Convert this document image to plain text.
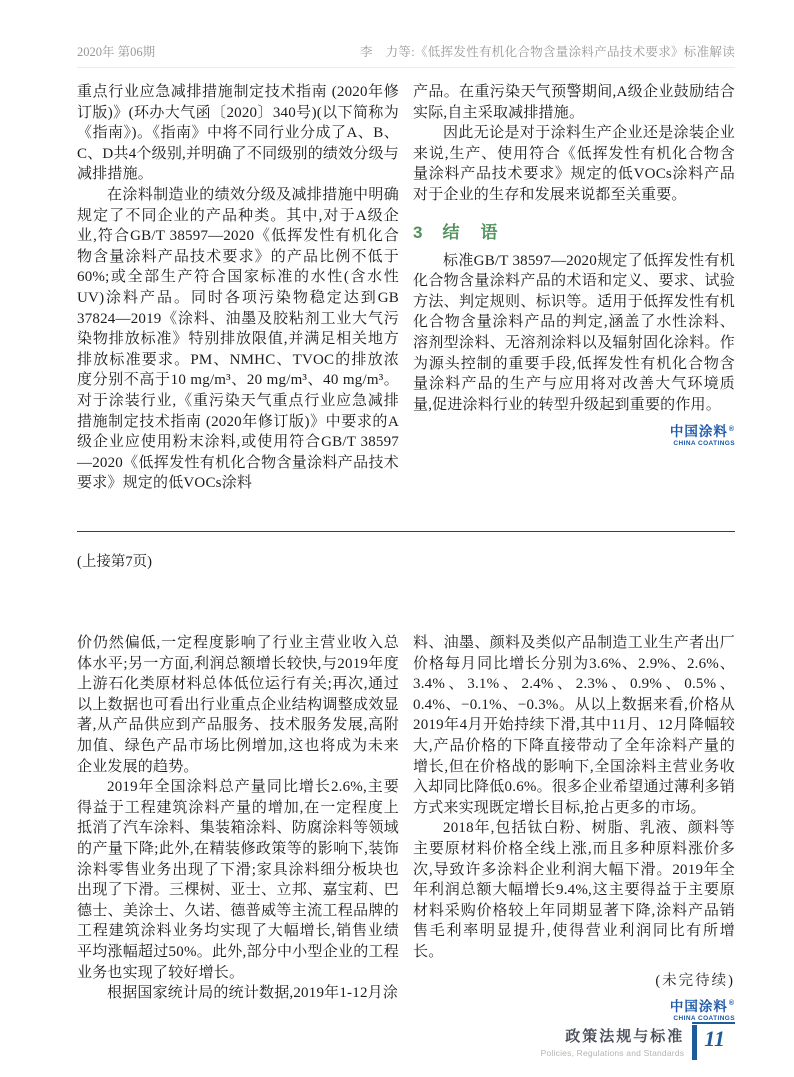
2020年 第06期	李　力等:《低挥发性有机化合物含量涂料产品技术要求》标准解读

重点行业应急减排措施制定技术指南 (2020年修订版)》(环办大气函〔2020〕340号)(以下简称为《指南》)。《指南》中将不同行业分成了A、B、C、D共4个级别,并明确了不同级别的绩效分级与减排措施。

在涂料制造业的绩效分级及减排措施中明确规定了不同企业的产品种类。其中,对于A级企业,符合GB/T 38597—2020《低挥发性有机化合物含量涂料产品技术要求》的产品比例不低于60%;或全部生产符合国家标准的水性(含水性UV)涂料产品。同时各项污染物稳定达到GB 37824—2019《涂料、油墨及胶粘剂工业大气污染物排放标准》特别排放限值,并满足相关地方排放标准要求。PM、NMHC、TVOC的排放浓度分别不高于10 mg/m³、20 mg/m³、40 mg/m³。对于涂装行业,《重污染天气重点行业应急减排措施制定技术指南 (2020年修订版)》中要求的A级企业应使用粉末涂料,或使用符合GB/T 38597—2020《低挥发性有机化合物含量涂料产品技术要求》规定的低VOCs涂料

产品。在重污染天气预警期间,A级企业鼓励结合实际,自主采取减排措施。

因此无论是对于涂料生产企业还是涂装企业来说,生产、使用符合《低挥发性有机化合物含量涂料产品技术要求》规定的低VOCs涂料产品对于企业的生存和发展来说都至关重要。

3 结　语

标准GB/T 38597—2020规定了低挥发性有机化合物含量涂料产品的术语和定义、要求、试验方法、判定规则、标识等。适用于低挥发性有机化合物含量涂料产品的判定,涵盖了水性涂料、溶剂型涂料、无溶剂涂料以及辐射固化涂料。作为源头控制的重要手段,低挥发性有机化合物含量涂料产品的生产与应用将对改善大气环境质量,促进涂料行业的转型升级起到重要的作用。

中国涂料®
CHINA COATINGS
(上接第7页)

价仍然偏低,一定程度影响了行业主营业收入总体水平;另一方面,利润总额增长较快,与2019年度上游石化类原材料总体低位运行有关;再次,通过以上数据也可看出行业重点企业结构调整成效显著,从产品供应到产品服务、技术服务发展,高附加值、绿色产品市场比例增加,这也将成为未来企业发展的趋势。

2019年全国涂料总产量同比增长2.6%,主要得益于工程建筑涂料产量的增加,在一定程度上抵消了汽车涂料、集装箱涂料、防腐涂料等领域的产量下降;此外,在精装修政策等的影响下,装饰涂料零售业务出现了下滑;家具涂料细分板块也出现了下滑。三棵树、亚士、立邦、嘉宝莉、巴德士、美涂士、久诺、德普威等主流工程品牌的工程建筑涂料业务均实现了大幅增长,销售业绩平均涨幅超过50%。此外,部分中小型企业的工程业务也实现了较好增长。

根据国家统计局的统计数据,2019年1-12月涂

料、油墨、颜料及类似产品制造工业生产者出厂价格每月同比增长分别为3.6%、2.9%、2.6%、3.4%、3.1%、2.4%、2.3%、0.9%、0.5%、0.4%、−0.1%、−0.3%。从以上数据来看,价格从2019年4月开始持续下滑,其中11月、12月降幅较大,产品价格的下降直接带动了全年涂料产量的增长,但在价格战的影响下,全国涂料主营业务收入却同比降低0.6%。很多企业希望通过薄利多销方式来实现既定增长目标,抢占更多的市场。

2018年,包括钛白粉、树脂、乳液、颜料等主要原材料价格全线上涨,而且多种原料涨价多次,导致许多涂料企业利润大幅下滑。2019年全年利润总额大幅增长9.4%,这主要得益于主要原材料采购价格较上年同期显著下降,涂料产品销售毛利率明显提升,使得营业利润同比有所增长。

(未完待续)
中国涂料®
CHINA COATINGS
政策法规与标准
Policies, Regulations and Standards
11
